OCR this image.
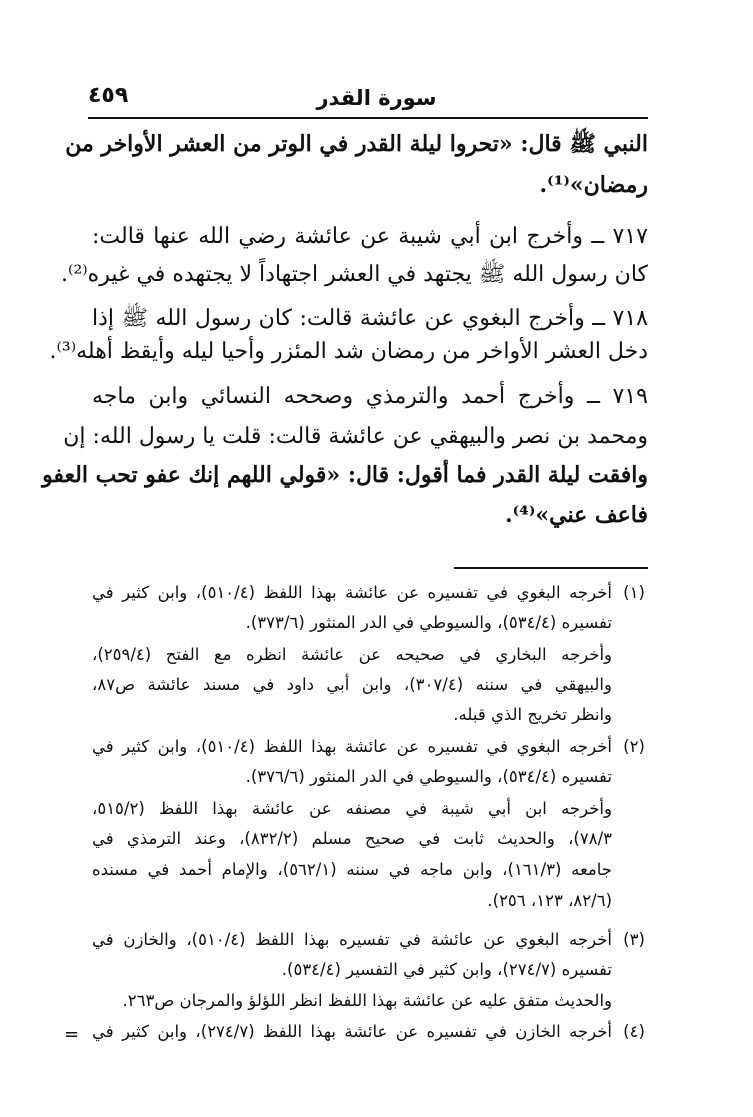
سورة القدر
٤٥٩
النبي ﷺ قال: «تحروا ليلة القدر في الوتر من العشر الأواخر من
رمضان»⁽¹⁾.
٧١٧ ــ وأخرج ابن أبي شيبة عن عائشة رضي الله عنها قالت:
كان رسول الله ﷺ يجتهد في العشر اجتهاداً لا يجتهده في غيره⁽²⁾.
٧١٨ ــ وأخرج البغوي عن عائشة قالت: كان رسول الله ﷺ إذا
دخل العشر الأواخر من رمضان شد المئزر وأحيا ليله وأيقظ أهله⁽³⁾.
٧١٩ ــ وأخرج أحمد والترمذي وصححه النسائي وابن ماجه
ومحمد بن نصر والبيهقي عن عائشة قالت: قلت يا رسول الله: إن
وافقت ليلة القدر فما أقول: قال: «قولي اللهم إنك عفو تحب العفو
فاعف عني»⁽⁴⁾.
(١)
أخرجه البغوي في تفسيره عن عائشة بهذا اللفظ (٥١٠/٤)، وابن كثير في
تفسيره (٥٣٤/٤)، والسيوطي في الدر المنثور (٣٧٣/٦).
وأخرجه البخاري في صحيحه عن عائشة انظره مع الفتح (٢٥٩/٤)،
والبيهقي في سننه (٣٠٧/٤)، وابن أبي داود في مسند عائشة ص٨٧،
وانظر تخريج الذي قبله.
(٢)
أخرجه البغوي في تفسيره عن عائشة بهذا اللفظ (٥١٠/٤)، وابن كثير في
تفسيره (٥٣٤/٤)، والسيوطي في الدر المنثور (٣٧٦/٦).
وأخرجه ابن أبي شيبة في مصنفه عن عائشة بهذا اللفظ (٥١٥/٢،
٧٨/٣)، والحديث ثابت في صحيح مسلم (٨٣٢/٢)، وعند الترمذي في
جامعه (١٦١/٣)، وابن ماجه في سننه (٥٦٢/١)، والإمام أحمد في مسنده
(٨٢/٦، ١٢٣، ٢٥٦).
(٣)
أخرجه البغوي عن عائشة في تفسيره بهذا اللفظ (٥١٠/٤)، والخازن في
تفسيره (٢٧٤/٧)، وابن كثير في التفسير (٥٣٤/٤).
والحديث متفق عليه عن عائشة بهذا اللفظ انظر اللؤلؤ والمرجان ص٢٦٣.
(٤)
أخرجه الخازن في تفسيره عن عائشة بهذا اللفظ (٢٧٤/٧)، وابن كثير في
=
